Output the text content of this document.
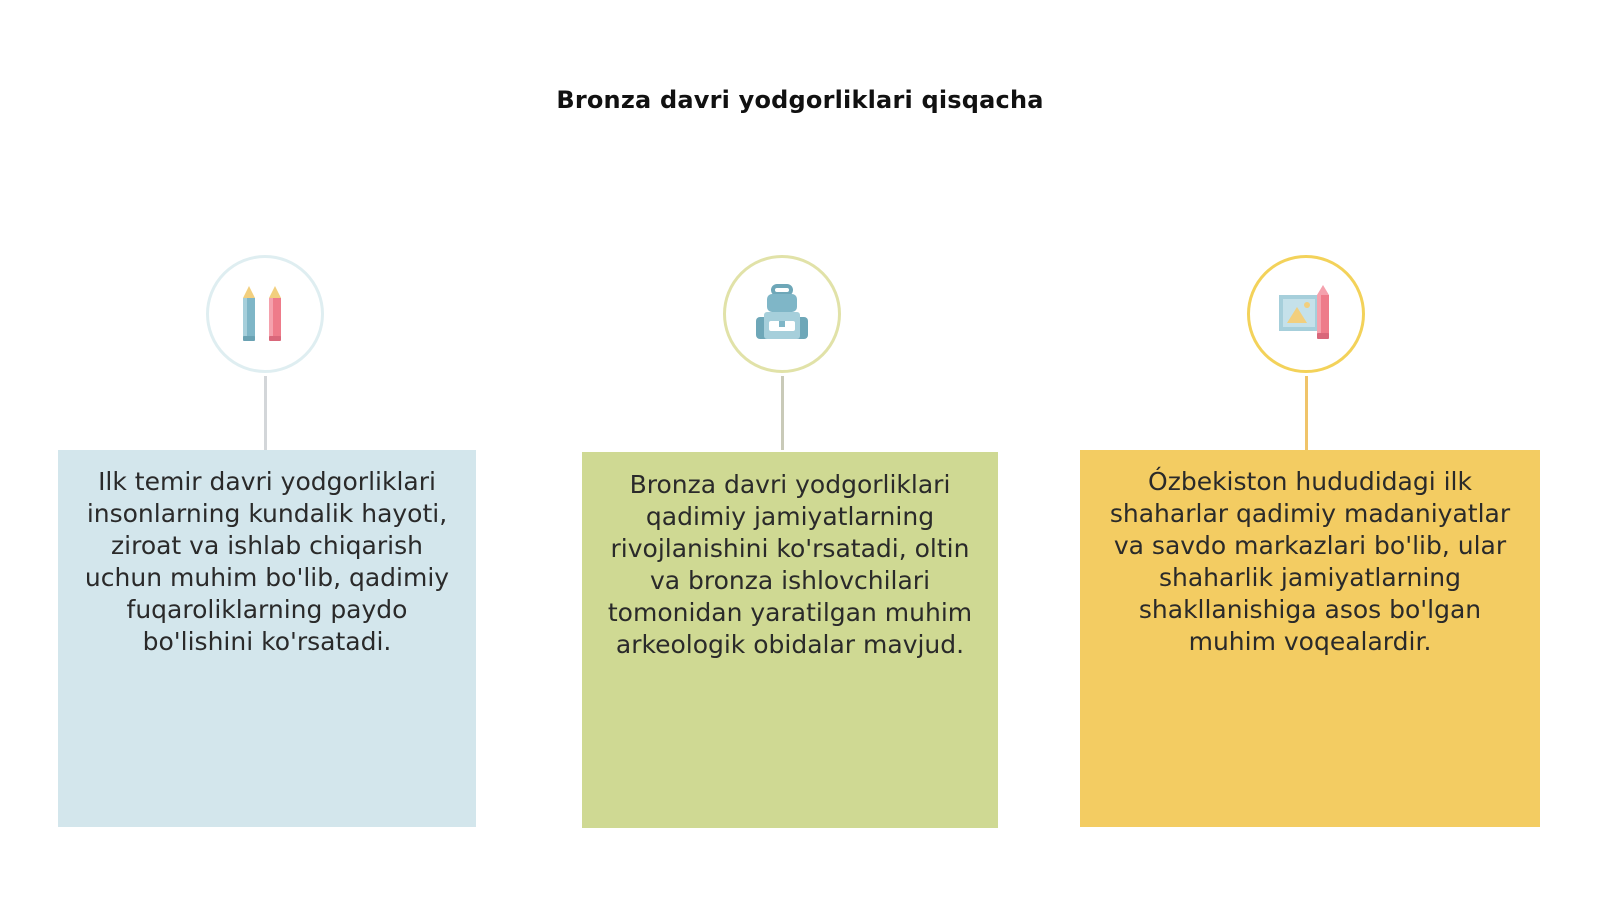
Bronza davri yodgorliklari qisqacha

Ilk temir davri yodgorliklari insonlarning kundalik hayoti, ziroat va ishlab chiqarish uchun muhim bo'lib, qadimiy fuqaroliklarning paydo bo'lishini ko'rsatadi.

Bronza davri yodgorliklari qadimiy jamiyatlarning rivojlanishini ko'rsatadi, oltin va bronza ishlovchilari tomonidan yaratilgan muhim arkeologik obidalar mavjud.

Ózbekiston hududidagi ilk shaharlar qadimiy madaniyatlar va savdo markazlari bo'lib, ular shaharlik jamiyatlarning shakllanishiga asos bo'lgan muhim voqealardir.
